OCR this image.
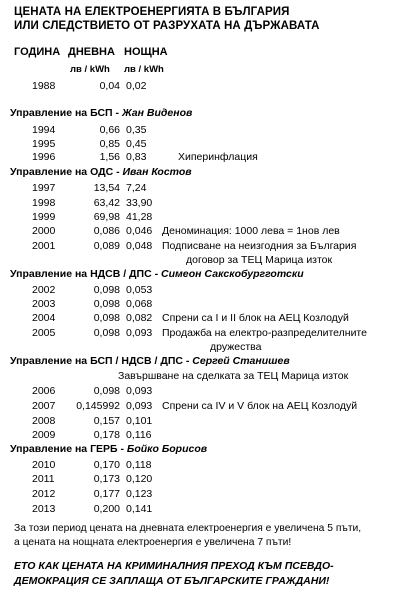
ЦЕНАТА НА ЕЛЕКТРОЕНЕРГИЯТА В БЪЛГАРИЯ
ИЛИ СЛЕДСТВИЕТО ОТ РАЗРУХАТА НА ДЪРЖАВАТА
ГОДИНА ДНЕВНА НОЩНА
лв / kWh лв / kWh
1988	0,04 0,02
Управление на БСП - Жан Виденов
1994	0,66 0,35
1995	0,85 0,45
1996	1,56 0,83	Хиперинфлация
Управление на ОДС - Иван Костов
1997	13,54 7,24
1998	63,42 33,90
1999	69,98 41,28
2000	0,086 0,046 Деноминация: 1000 лева = 1нов лев
2001	0,089 0,048 Подписване на неизгодния за България
договор за ТЕЦ Марица изток
Управление на НДСВ / ДПС - Симеон Сакскобургготски
2002	0,098 0,053
2003	0,098 0,068
2004	0,098 0,082 Спрени са I и II блок на АЕЦ Козлодуй
2005	0,098 0,093 Продажба на електро-разпределителните
дружества
Управление на БСП / НДСВ / ДПС - Сергей Станишев
Завършване на сделката за ТЕЦ Марица изток
2006	0,098 0,093
2007	0,145992 0,093 Спрени са IV и V блок на АЕЦ Козлодуй
2008	0,157 0,101
2009	0,178 0,116
Управление на ГЕРБ - Бойко Борисов
2010	0,170 0,118
2011	0,173 0,120
2012	0,177 0,123
2013	0,200 0,141
За този период цената на дневната електроенергия е увеличена 5 пъти,
а цената на нощната електроенергия е увеличена 7 пъти!
ЕТО КАК ЦЕНАТА НА КРИМИНАЛНИЯ ПРЕХОД КЪМ ПСЕВДО-
ДЕМОКРАЦИЯ СЕ ЗАПЛАЩА ОТ БЪЛГАРСКИТЕ ГРАЖДАНИ!
